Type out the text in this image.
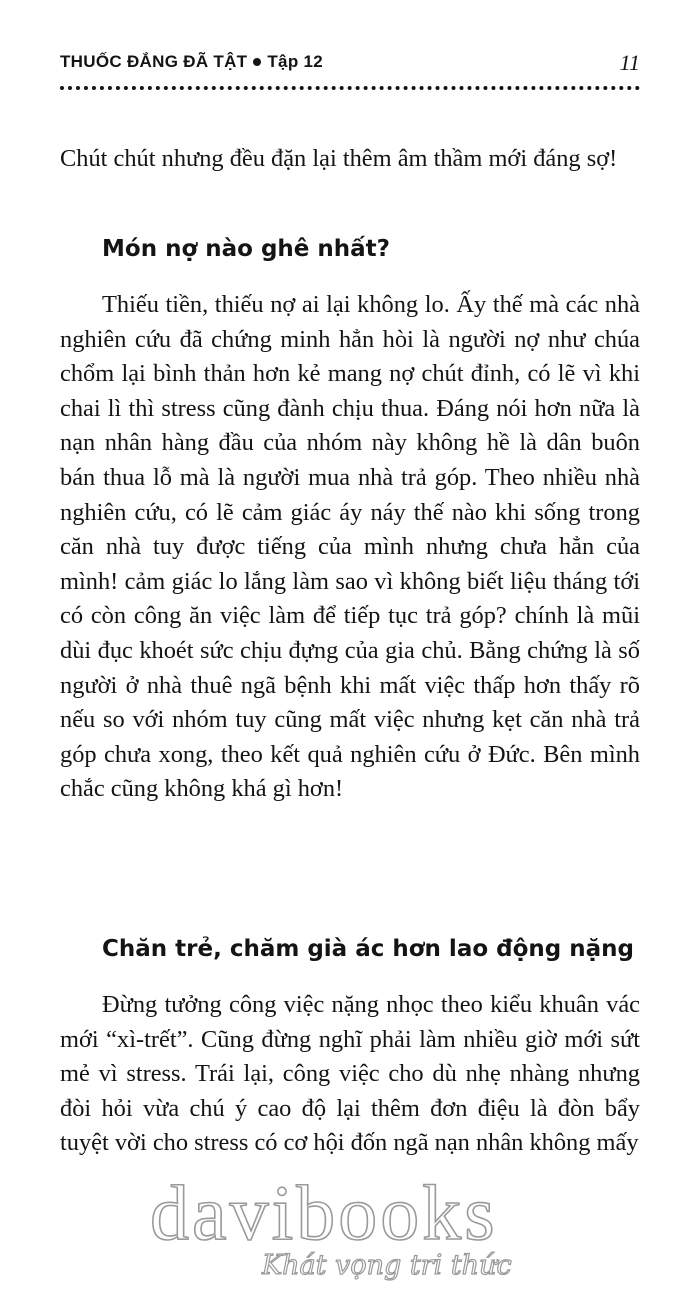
THUỐC ĐẮNG ĐÃ TẬT Tập 12	11

Chút chút nhưng đều đặn lại thêm âm thầm mới đáng sợ!

Món nợ nào ghê nhất?

Thiếu tiền, thiếu nợ ai lại không lo. Ấy thế mà các nhà nghiên cứu đã chứng minh hẳn hòi là người nợ như chúa chổm lại bình thản hơn kẻ mang nợ chút đỉnh, có lẽ vì khi chai lì thì stress cũng đành chịu thua. Đáng nói hơn nữa là nạn nhân hàng đầu của nhóm này không hề là dân buôn bán thua lỗ mà là người mua nhà trả góp. Theo nhiều nhà nghiên cứu, có lẽ cảm giác áy náy thế nào khi sống trong căn nhà tuy được tiếng của mình nhưng chưa hẳn của mình! cảm giác lo lắng làm sao vì không biết liệu tháng tới có còn công ăn việc làm để tiếp tục trả góp? chính là mũi dùi đục khoét sức chịu đựng của gia chủ. Bằng chứng là số người ở nhà thuê ngã bệnh khi mất việc thấp hơn thấy rõ nếu so với nhóm tuy cũng mất việc nhưng kẹt căn nhà trả góp chưa xong, theo kết quả nghiên cứu ở Đức. Bên mình chắc cũng không khá gì hơn!

Chăn trẻ, chăm già ác hơn lao động nặng

Đừng tưởng công việc nặng nhọc theo kiểu khuân vác mới “xì-trết”. Cũng đừng nghĩ phải làm nhiều giờ mới sứt mẻ vì stress. Trái lại, công việc cho dù nhẹ nhàng nhưng đòi hỏi vừa chú ý cao độ lại thêm đơn điệu là đòn bẩy tuyệt vời cho stress có cơ hội đốn ngã nạn nhân không mấy

davibooks
Khát vọng tri thức
